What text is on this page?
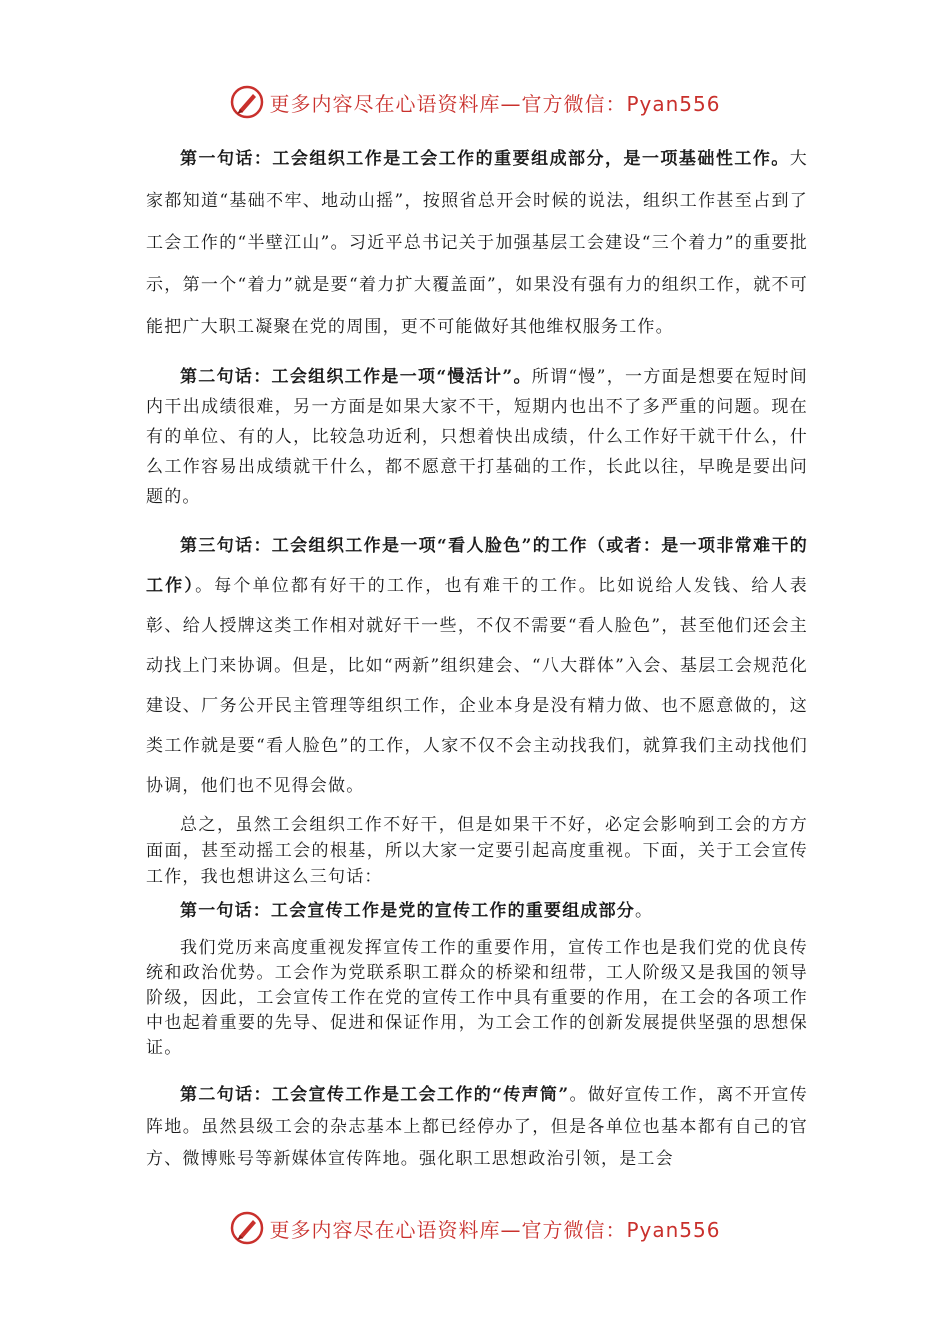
更多内容尽在心语资料库—官方微信：Pyan556

第一句话：工会组织工作是工会工作的重要组成部分，是一项基础性工作。大家都知道“基础不牢、地动山摇”，按照省总开会时候的说法，组织工作甚至占到了工会工作的“半壁江山”。习近平总书记关于加强基层工会建设“三个着力”的重要批示，第一个“着力”就是要“着力扩大覆盖面”，如果没有强有力的组织工作，就不可能把广大职工凝聚在党的周围，更不可能做好其他维权服务工作。

第二句话：工会组织工作是一项“慢活计”。所谓“慢”，一方面是想要在短时间内干出成绩很难，另一方面是如果大家不干，短期内也出不了多严重的问题。现在有的单位、有的人，比较急功近利，只想着快出成绩，什么工作好干就干什么，什么工作容易出成绩就干什么，都不愿意干打基础的工作，长此以往，早晚是要出问题的。

第三句话：工会组织工作是一项“看人脸色”的工作（或者：是一项非常难干的工作）。每个单位都有好干的工作，也有难干的工作。比如说给人发钱、给人表彰、给人授牌这类工作相对就好干一些，不仅不需要“看人脸色”，甚至他们还会主动找上门来协调。但是，比如“两新”组织建会、“八大群体”入会、基层工会规范化建设、厂务公开民主管理等组织工作，企业本身是没有精力做、也不愿意做的，这类工作就是要“看人脸色”的工作，人家不仅不会主动找我们，就算我们主动找他们协调，他们也不见得会做。

总之，虽然工会组织工作不好干，但是如果干不好，必定会影响到工会的方方面面，甚至动摇工会的根基，所以大家一定要引起高度重视。下面，关于工会宣传工作，我也想讲这么三句话：

第一句话：工会宣传工作是党的宣传工作的重要组成部分。

我们党历来高度重视发挥宣传工作的重要作用，宣传工作也是我们党的优良传统和政治优势。工会作为党联系职工群众的桥梁和纽带，工人阶级又是我国的领导阶级，因此，工会宣传工作在党的宣传工作中具有重要的作用，在工会的各项工作中也起着重要的先导、促进和保证作用，为工会工作的创新发展提供坚强的思想保证。

第二句话：工会宣传工作是工会工作的“传声筒”。做好宣传工作，离不开宣传阵地。虽然县级工会的杂志基本上都已经停办了，但是各单位也基本都有自己的官方、微博账号等新媒体宣传阵地。强化职工思想政治引领，是工会

更多内容尽在心语资料库—官方微信：Pyan556
